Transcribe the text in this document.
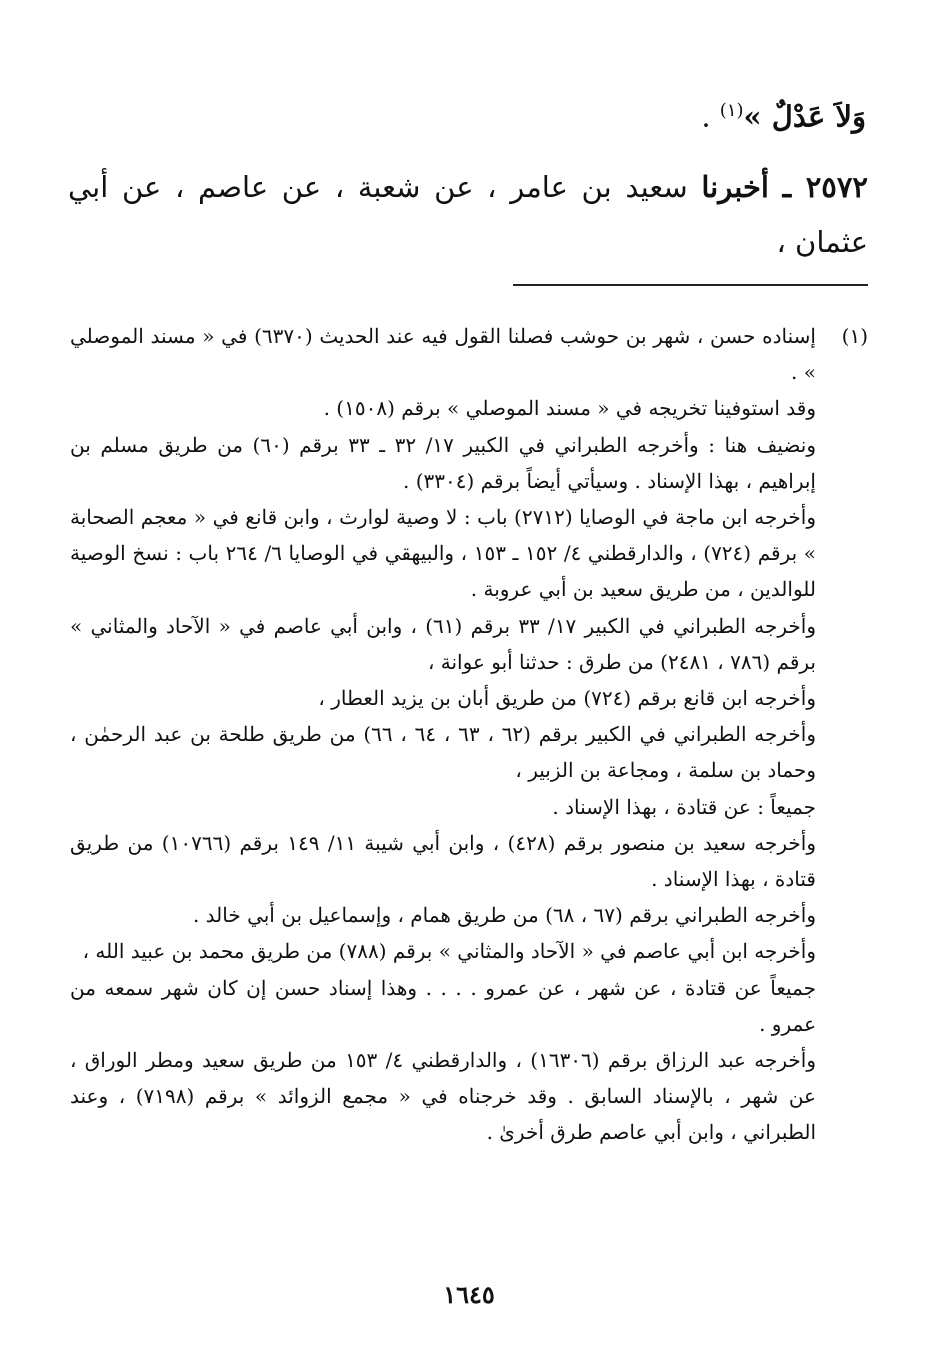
وَلاَ عَدْلٌ »$^{(١)}$ .
٢٥٧٢ ـ أخبرنا سعيد بن عامر ، عن شعبة ، عن عاصم ، عن أبي عثمان ،
(١)
إسناده حسن ، شهر بن حوشب فصلنا القول فيه عند الحديث (٦٣٧٠) في « مسند الموصلي » .
وقد استوفينا تخريجه في « مسند الموصلي » برقم (١٥٠٨) .
ونضيف هنا : وأخرجه الطبراني في الكبير ١٧/ ٣٢ ـ ٣٣ برقم (٦٠) من طريق مسلم بن إبراهيم ، بهذا الإسناد . وسيأتي أيضاً برقم (٣٣٠٤) .
وأخرجه ابن ماجة في الوصايا (٢٧١٢) باب : لا وصية لوارث ، وابن قانع في « معجم الصحابة » برقم (٧٢٤) ، والدارقطني ٤/ ١٥٢ ـ ١٥٣ ، والبيهقي في الوصايا ٦/ ٢٦٤ باب : نسخ الوصية للوالدين ، من طريق سعيد بن أبي عروبة .
وأخرجه الطبراني في الكبير ١٧/ ٣٣ برقم (٦١) ، وابن أبي عاصم في « الآحاد والمثاني » برقم (٧٨٦ ، ٢٤٨١) من طرق : حدثنا أبو عوانة ،
وأخرجه ابن قانع برقم (٧٢٤) من طريق أبان بن يزيد العطار ،
وأخرجه الطبراني في الكبير برقم (٦٢ ، ٦٣ ، ٦٤ ، ٦٦) من طريق طلحة بن عبد الرحمٰن ، وحماد بن سلمة ، ومجاعة بن الزبير ،
جميعاً : عن قتادة ، بهذا الإسناد .
وأخرجه سعيد بن منصور برقم (٤٢٨) ، وابن أبي شيبة ١١/ ١٤٩ برقم (١٠٧٦٦) من طريق قتادة ، بهذا الإسناد .
وأخرجه الطبراني برقم (٦٧ ، ٦٨) من طريق همام ، وإسماعيل بن أبي خالد .
وأخرجه ابن أبي عاصم في « الآحاد والمثاني » برقم (٧٨٨) من طريق محمد بن عبيد الله ،
جميعاً عن قتادة ، عن شهر ، عن عمرو . . . . وهذا إسناد حسن إن كان شهر سمعه من عمرو .
وأخرجه عبد الرزاق برقم (١٦٣٠٦) ، والدارقطني ٤/ ١٥٣ من طريق سعيد ومطر الوراق ، عن شهر ، بالإسناد السابق . وقد خرجناه في « مجمع الزوائد » برقم (٧١٩٨) ، وعند الطبراني ، وابن أبي عاصم طرق أخرىٰ .
١٦٤٥
